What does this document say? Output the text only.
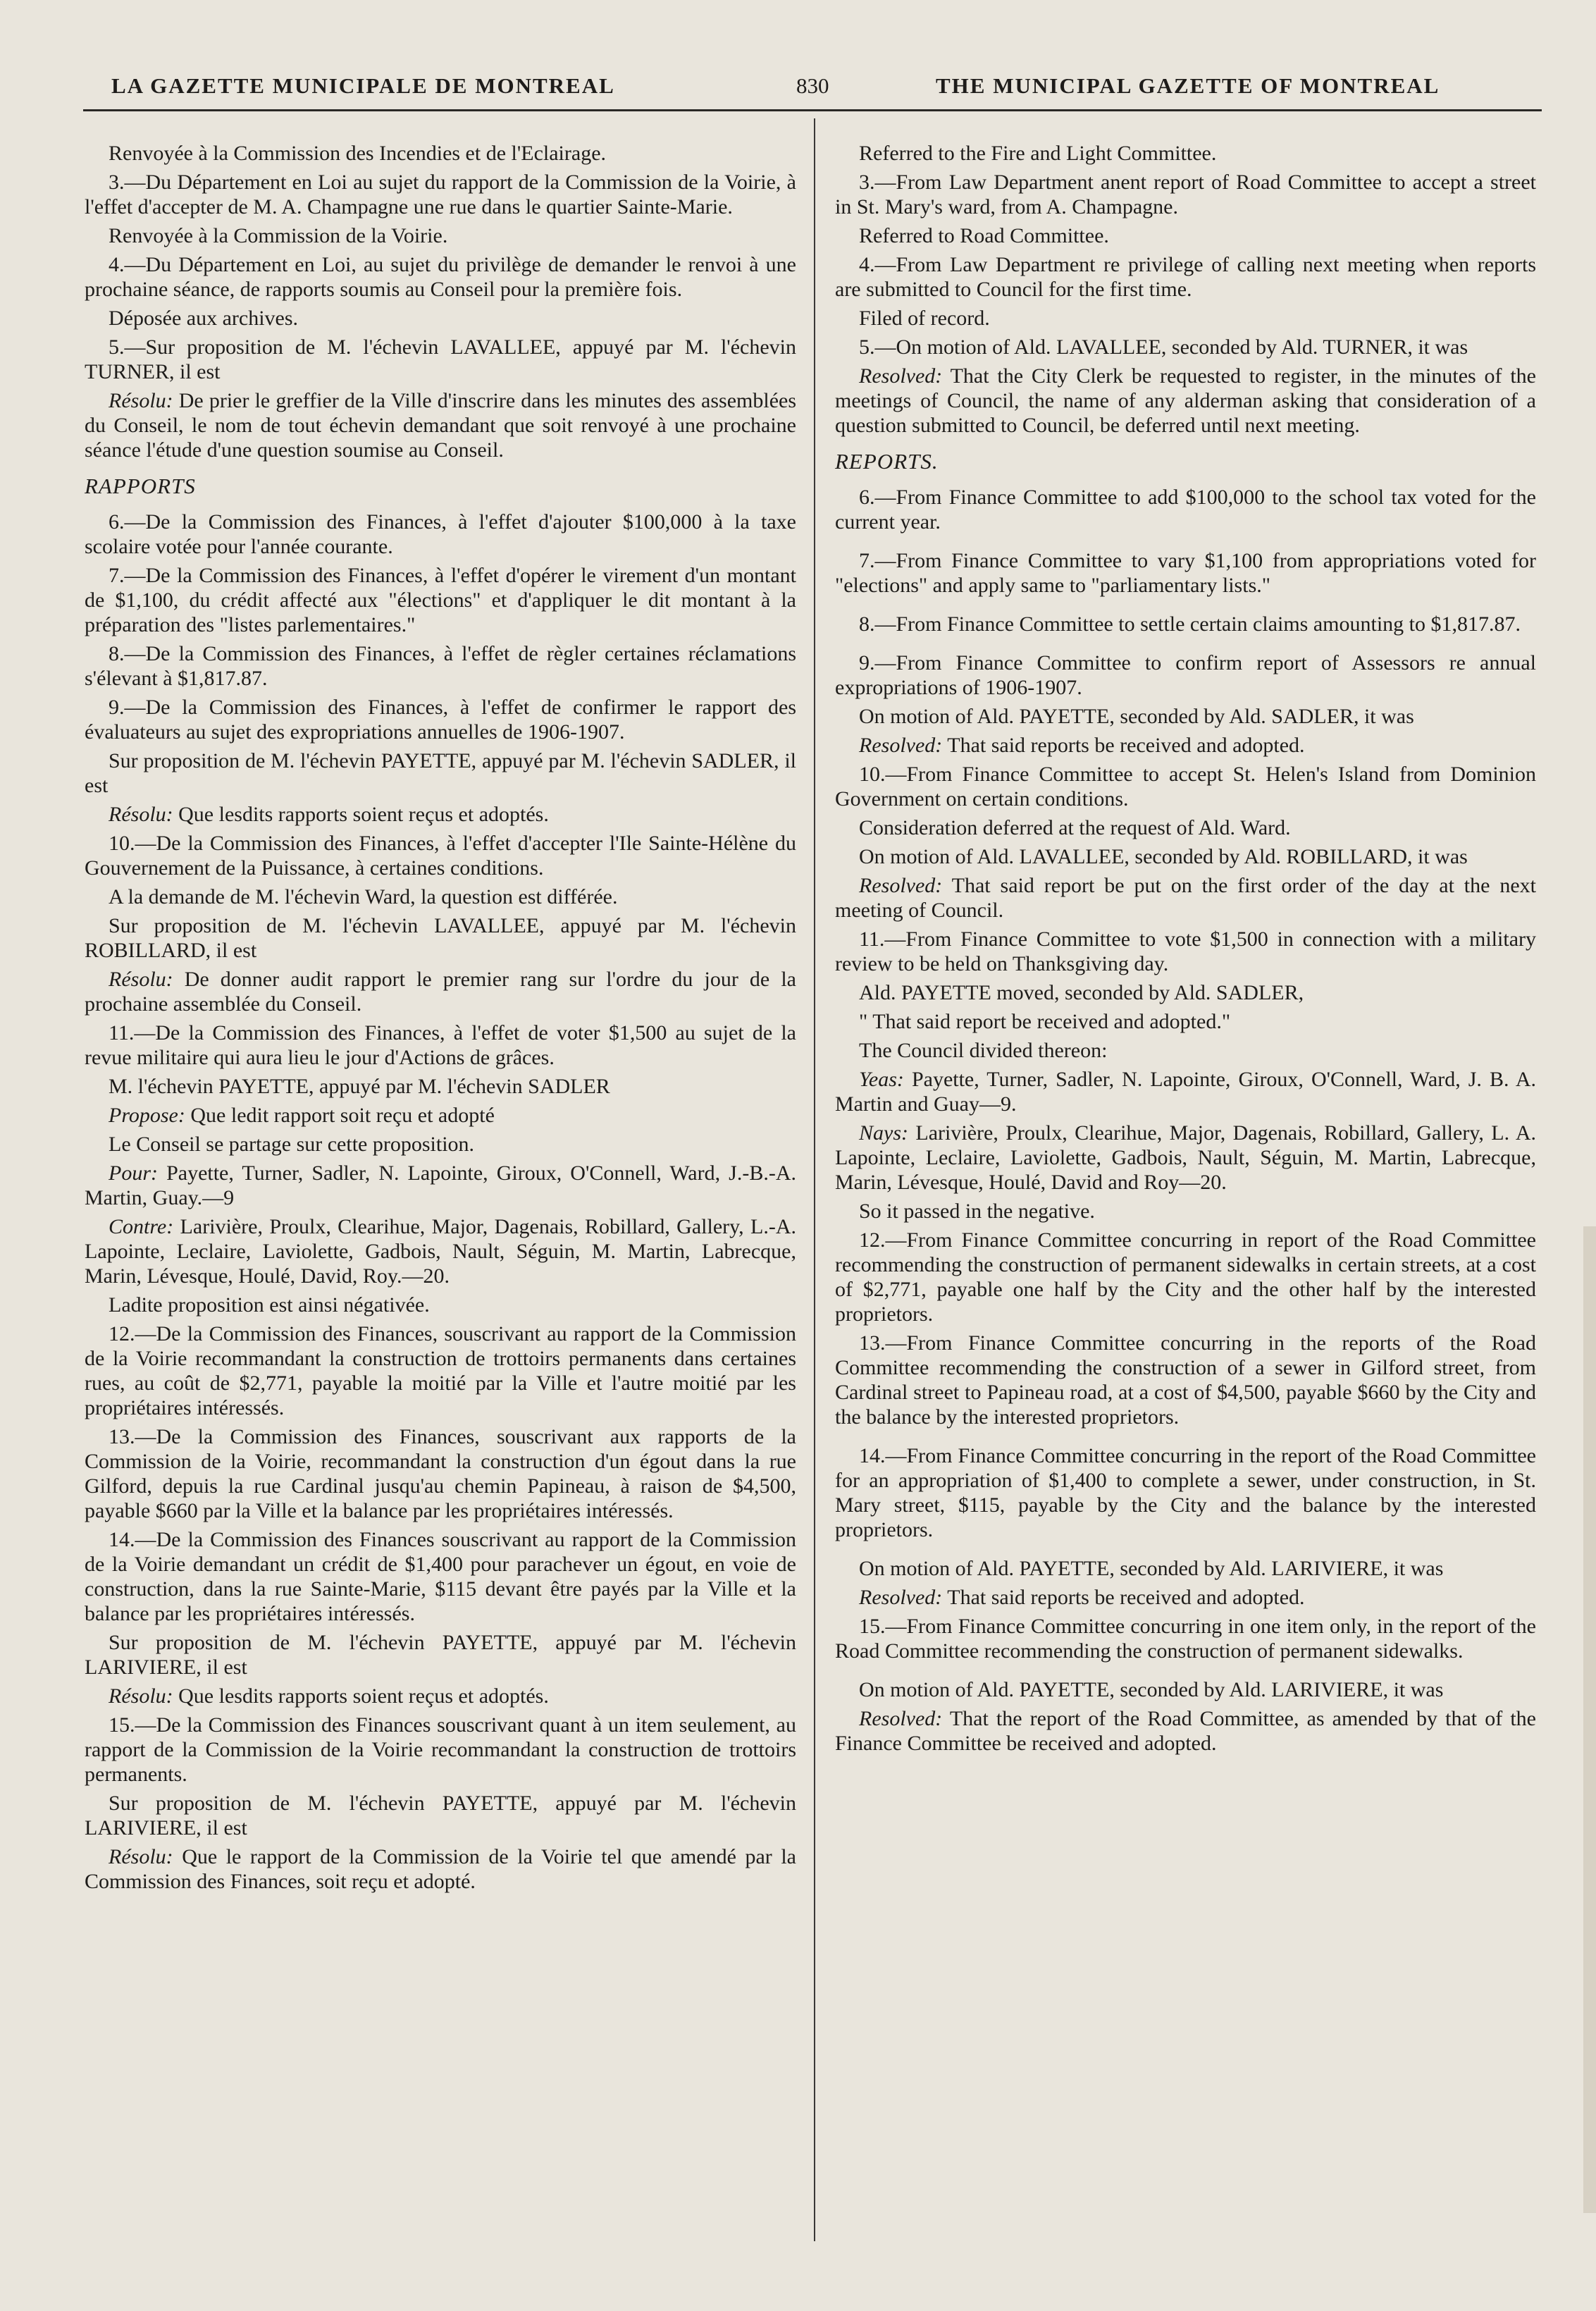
LA GAZETTE MUNICIPALE DE MONTREAL	830	THE MUNICIPAL GAZETTE OF MONTREAL

Renvoyée à la Commission des Incendies et de l'Eclairage.

3.—Du Département en Loi au sujet du rapport de la Commission de la Voirie, à l'effet d'accepter de M. A. Champagne une rue dans le quartier Sainte-Marie.

Renvoyée à la Commission de la Voirie.

4.—Du Département en Loi, au sujet du privilège de demander le renvoi à une prochaine séance, de rapports soumis au Conseil pour la première fois.

Déposée aux archives.

5.—Sur proposition de M. l'échevin LAVALLEE, appuyé par M. l'échevin TURNER, il est

Résolu: De prier le greffier de la Ville d'inscrire dans les minutes des assemblées du Conseil, le nom de tout échevin demandant que soit renvoyé à une prochaine séance l'étude d'une question soumise au Conseil.

RAPPORTS

6.—De la Commission des Finances, à l'effet d'ajouter $100,000 à la taxe scolaire votée pour l'année courante.

7.—De la Commission des Finances, à l'effet d'opérer le virement d'un montant de $1,100, du crédit affecté aux "élections" et d'appliquer le dit montant à la préparation des "listes parlementaires."

8.—De la Commission des Finances, à l'effet de règler certaines réclamations s'élevant à $1,817.87.

9.—De la Commission des Finances, à l'effet de confirmer le rapport des évaluateurs au sujet des expropriations annuelles de 1906-1907.

Sur proposition de M. l'échevin PAYETTE, appuyé par M. l'échevin SADLER, il est

Résolu: Que lesdits rapports soient reçus et adoptés.

10.—De la Commission des Finances, à l'effet d'accepter l'Ile Sainte-Hélène du Gouvernement de la Puissance, à certaines conditions.

A la demande de M. l'échevin Ward, la question est différée.

Sur proposition de M. l'échevin LAVALLEE, appuyé par M. l'échevin ROBILLARD, il est

Résolu: De donner audit rapport le premier rang sur l'ordre du jour de la prochaine assemblée du Conseil.

11.—De la Commission des Finances, à l'effet de voter $1,500 au sujet de la revue militaire qui aura lieu le jour d'Actions de grâces.

M. l'échevin PAYETTE, appuyé par M. l'échevin SADLER

Propose: Que ledit rapport soit reçu et adopté

Le Conseil se partage sur cette proposition.

Pour: Payette, Turner, Sadler, N. Lapointe, Giroux, O'Connell, Ward, J.-B.-A. Martin, Guay.—9

Contre: Larivière, Proulx, Clearihue, Major, Dagenais, Robillard, Gallery, L.-A. Lapointe, Leclaire, Laviolette, Gadbois, Nault, Séguin, M. Martin, Labrecque, Marin, Lévesque, Houlé, David, Roy.—20.

Ladite proposition est ainsi négativée.

12.—De la Commission des Finances, souscrivant au rapport de la Commission de la Voirie recommandant la construction de trottoirs permanents dans certaines rues, au coût de $2,771, payable la moitié par la Ville et l'autre moitié par les propriétaires intéressés.

13.—De la Commission des Finances, souscrivant aux rapports de la Commission de la Voirie, recommandant la construction d'un égout dans la rue Gilford, depuis la rue Cardinal jusqu'au chemin Papineau, à raison de $4,500, payable $660 par la Ville et la balance par les propriétaires intéressés.

14.—De la Commission des Finances souscrivant au rapport de la Commission de la Voirie demandant un crédit de $1,400 pour parachever un égout, en voie de construction, dans la rue Sainte-Marie, $115 devant être payés par la Ville et la balance par les propriétaires intéressés.

Sur proposition de M. l'échevin PAYETTE, appuyé par M. l'échevin LARIVIERE, il est

Résolu: Que lesdits rapports soient reçus et adoptés.

15.—De la Commission des Finances souscrivant quant à un item seulement, au rapport de la Commission de la Voirie recommandant la construction de trottoirs permanents.

Sur proposition de M. l'échevin PAYETTE, appuyé par M. l'échevin LARIVIERE, il est

Résolu: Que le rapport de la Commission de la Voirie tel que amendé par la Commission des Finances, soit reçu et adopté.

Referred to the Fire and Light Committee.

3.—From Law Department anent report of Road Committee to accept a street in St. Mary's ward, from A. Champagne.

Referred to Road Committee.

4.—From Law Department re privilege of calling next meeting when reports are submitted to Council for the first time.

Filed of record.

5.—On motion of Ald. LAVALLEE, seconded by Ald. TURNER, it was

Resolved: That the City Clerk be requested to register, in the minutes of the meetings of Council, the name of any alderman asking that consideration of a question submitted to Council, be deferred until next meeting.

REPORTS.

6.—From Finance Committee to add $100,000 to the school tax voted for the current year.

7.—From Finance Committee to vary $1,100 from appropriations voted for "elections" and apply same to "parliamentary lists."

8.—From Finance Committee to settle certain claims amounting to $1,817.87.

9.—From Finance Committee to confirm report of Assessors re annual expropriations of 1906-1907.

On motion of Ald. PAYETTE, seconded by Ald. SADLER, it was

Resolved: That said reports be received and adopted.

10.—From Finance Committee to accept St. Helen's Island from Dominion Government on certain conditions.

Consideration deferred at the request of Ald. Ward.

On motion of Ald. LAVALLEE, seconded by Ald. ROBILLARD, it was

Resolved: That said report be put on the first order of the day at the next meeting of Council.

11.—From Finance Committee to vote $1,500 in connection with a military review to be held on Thanksgiving day.

Ald. PAYETTE moved, seconded by Ald. SADLER,

" That said report be received and adopted."

The Council divided thereon:

Yeas: Payette, Turner, Sadler, N. Lapointe, Giroux, O'Connell, Ward, J. B. A. Martin and Guay—9.

Nays: Larivière, Proulx, Clearihue, Major, Dagenais, Robillard, Gallery, L. A. Lapointe, Leclaire, Laviolette, Gadbois, Nault, Séguin, M. Martin, Labrecque, Marin, Lévesque, Houlé, David and Roy—20.

So it passed in the negative.

12.—From Finance Committee concurring in report of the Road Committee recommending the construction of permanent sidewalks in certain streets, at a cost of $2,771, payable one half by the City and the other half by the interested proprietors.

13.—From Finance Committee concurring in the reports of the Road Committee recommending the construction of a sewer in Gilford street, from Cardinal street to Papineau road, at a cost of $4,500, payable $660 by the City and the balance by the interested proprietors.

14.—From Finance Committee concurring in the report of the Road Committee for an appropriation of $1,400 to complete a sewer, under construction, in St. Mary street, $115, payable by the City and the balance by the interested proprietors.

On motion of Ald. PAYETTE, seconded by Ald. LARIVIERE, it was

Resolved: That said reports be received and adopted.

15.—From Finance Committee concurring in one item only, in the report of the Road Committee recommending the construction of permanent sidewalks.

On motion of Ald. PAYETTE, seconded by Ald. LARIVIERE, it was

Resolved: That the report of the Road Committee, as amended by that of the Finance Committee be received and adopted.
